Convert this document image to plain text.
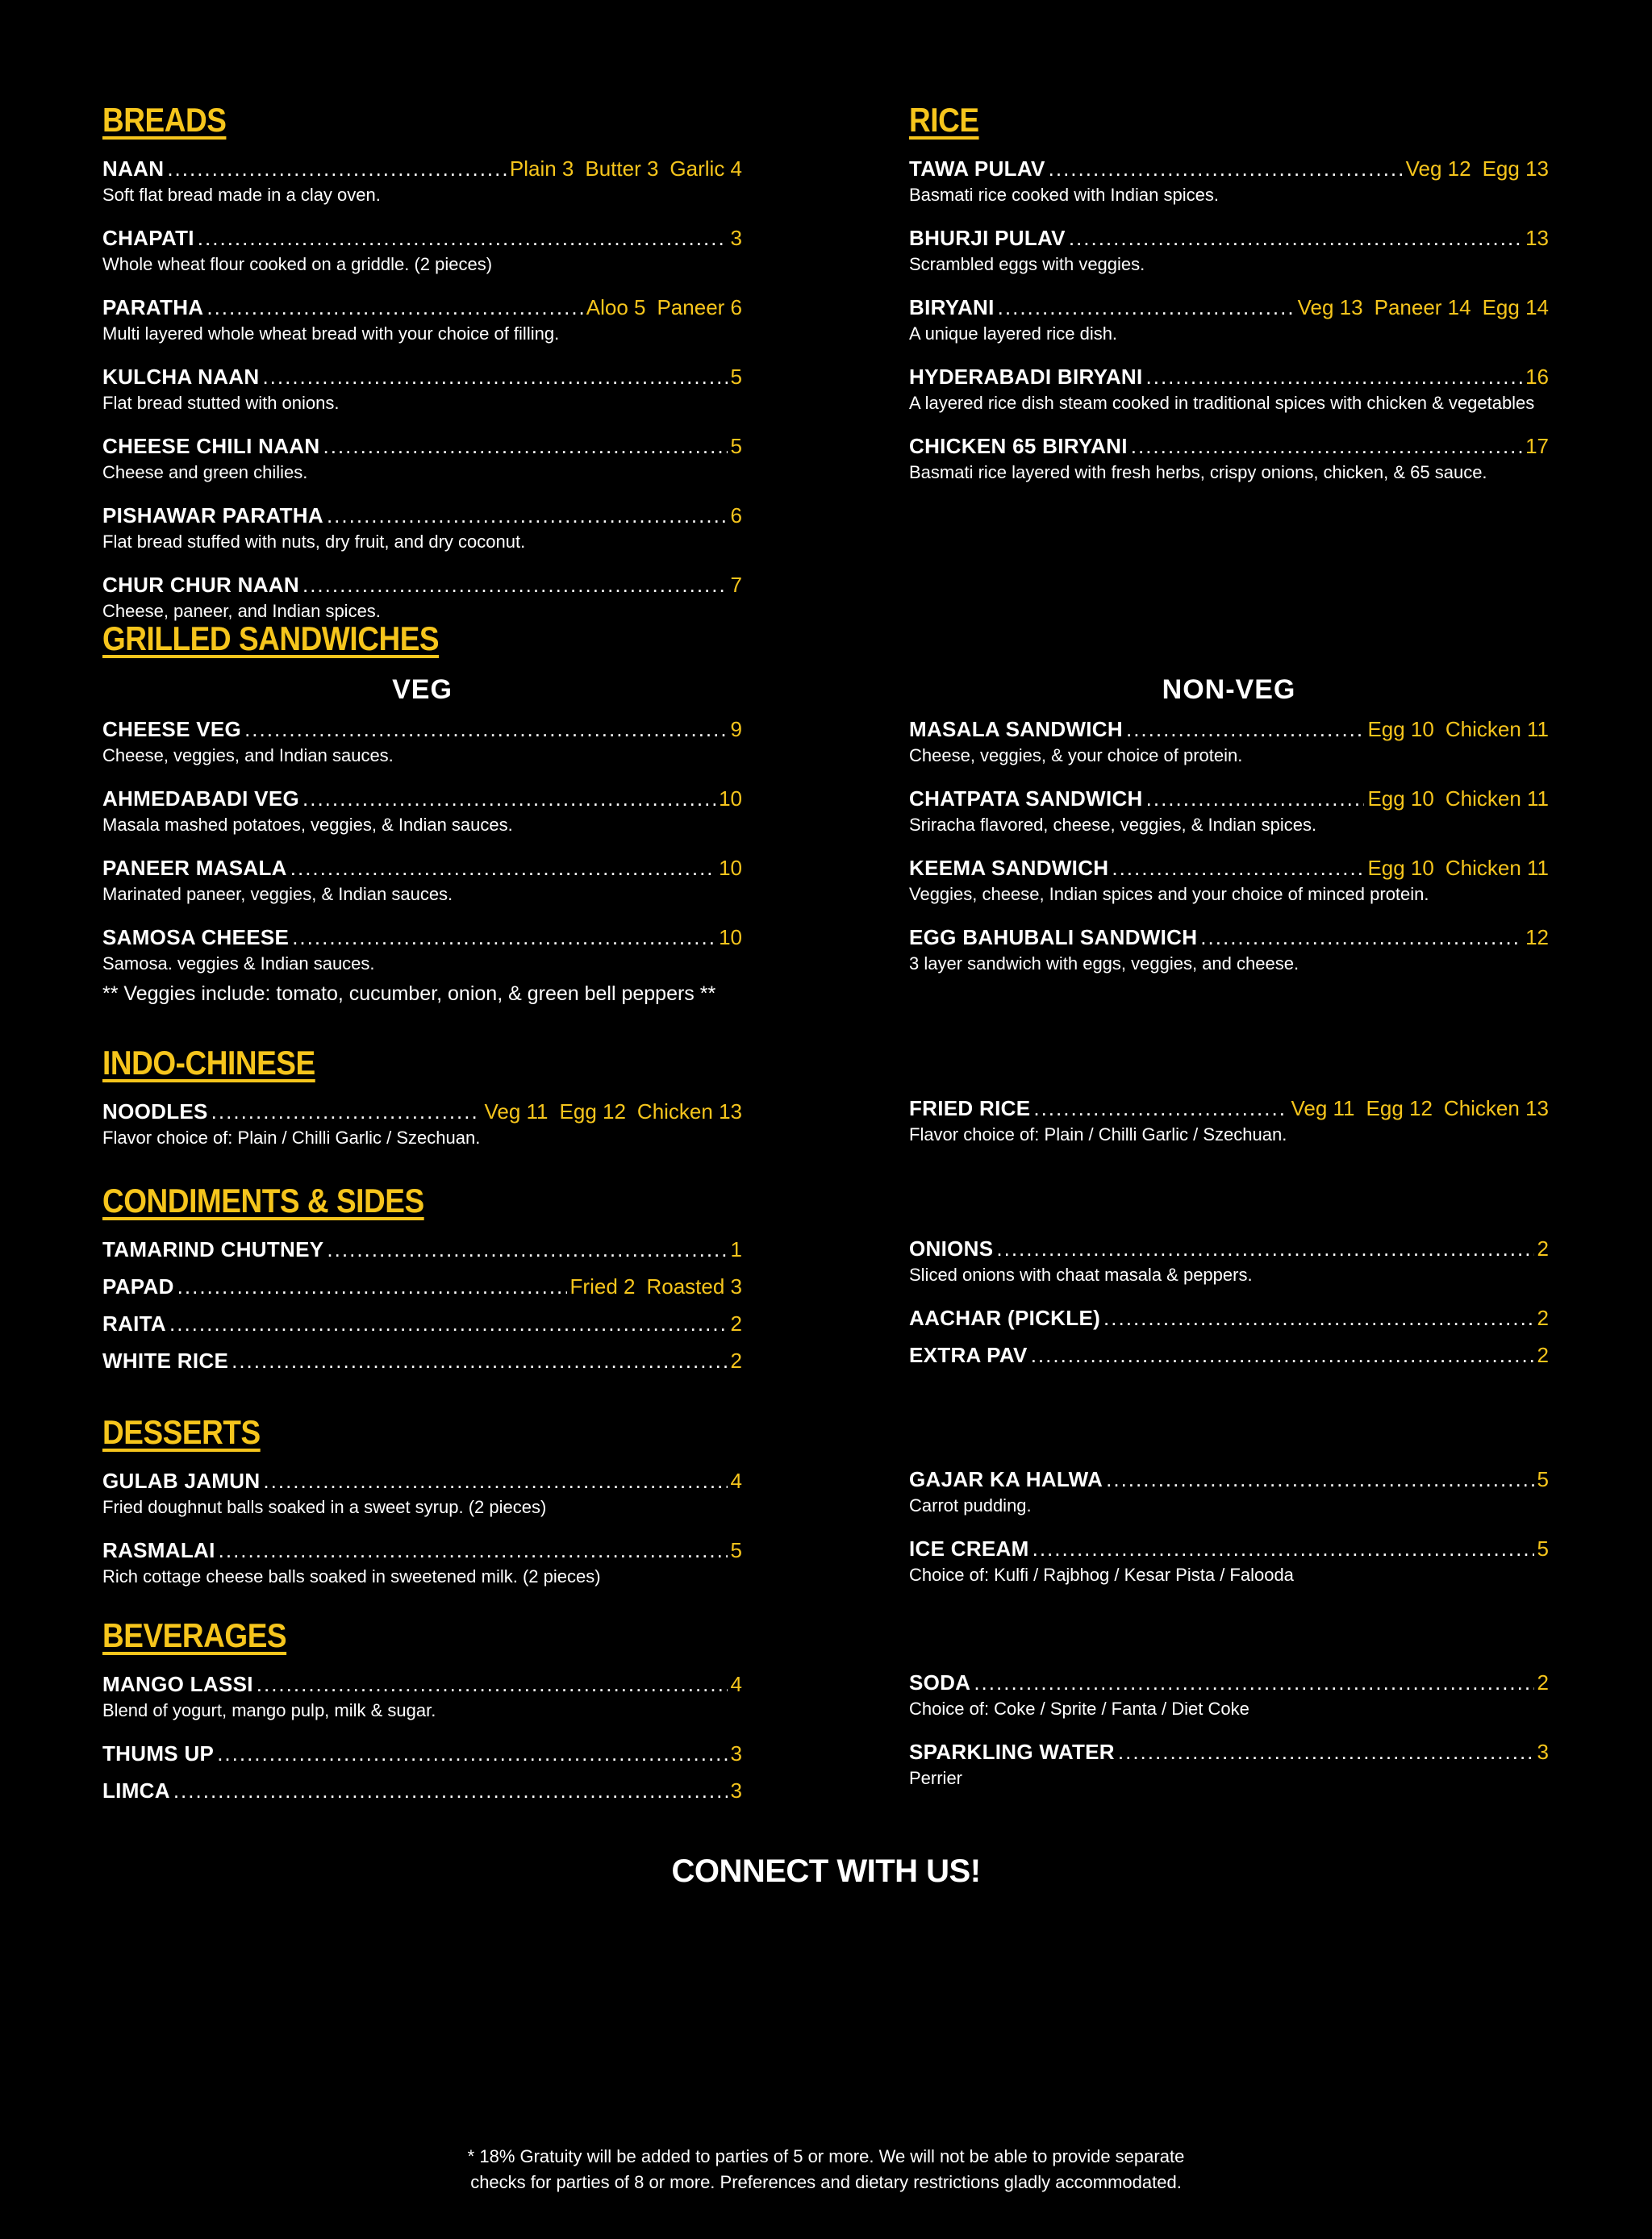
BREADS
NAAN .....	Plain 3 Butter 3 Garlic 4
Soft flat bread made in a clay oven.
CHAPATI .....	3
Whole wheat flour cooked on a griddle. (2 pieces)
PARATHA .....	Aloo 5 Paneer 6
Multi layered whole wheat bread with your choice of filling.
KULCHA NAAN .....	5
Flat bread stutted with onions.
CHEESE CHILI NAAN .....	5
Cheese and green chilies.
PISHAWAR PARATHA .....	6
Flat bread stuffed with nuts, dry fruit, and dry coconut.
CHUR CHUR NAAN .....	7
Cheese, paneer, and Indian spices.
RICE
TAWA PULAV .....	Veg 12 Egg 13
Basmati rice cooked with Indian spices.
BHURJI PULAV .....	13
Scrambled eggs with veggies.
BIRYANI .....	Veg 13 Paneer 14 Egg 14
A unique layered rice dish.
HYDERABADI BIRYANI .....	16
A layered rice dish steam cooked in traditional spices with chicken & vegetables
CHICKEN 65 BIRYANI .....	17
Basmati rice layered with fresh herbs, crispy onions, chicken, & 65 sauce.
GRILLED SANDWICHES
VEG	NON-VEG
CHEESE VEG .....	9
Cheese, veggies, and Indian sauces.
AHMEDABADI VEG .....	10
Masala mashed potatoes, veggies, & Indian sauces.
PANEER MASALA .....	10
Marinated paneer, veggies, & Indian sauces.
SAMOSA CHEESE .....	10
Samosa. veggies & Indian sauces.
MASALA SANDWICH .....	Egg 10 Chicken 11
Cheese, veggies, & your choice of protein.
CHATPATA SANDWICH .....	Egg 10 Chicken 11
Sriracha flavored, cheese, veggies, & Indian spices.
KEEMA SANDWICH .....	Egg 10 Chicken 11
Veggies, cheese, Indian spices and your choice of minced protein.
EGG BAHUBALI SANDWICH .....	12
3 layer sandwich with eggs, veggies, and cheese.
** Veggies include: tomato, cucumber, onion, & green bell peppers **
INDO-CHINESE
NOODLES .....	Veg 11 Egg 12 Chicken 13
Flavor choice of: Plain / Chilli Garlic / Szechuan.
FRIED RICE .....	Veg 11 Egg 12 Chicken 13
Flavor choice of: Plain / Chilli Garlic / Szechuan.
CONDIMENTS & SIDES
TAMARIND CHUTNEY .....	1
PAPAD .....	Fried 2 Roasted 3
RAITA .....	2
WHITE RICE .....	2
ONIONS .....	2
Sliced onions with chaat masala & peppers.
AACHAR (PICKLE) .....	2
EXTRA PAV .....	2
DESSERTS
GULAB JAMUN .....	4
Fried doughnut balls soaked in a sweet syrup. (2 pieces)
RASMALAI .....	5
Rich cottage cheese balls soaked in sweetened milk. (2 pieces)
GAJAR KA HALWA .....	5
Carrot pudding.
ICE CREAM .....	5
Choice of: Kulfi / Rajbhog / Kesar Pista / Falooda
BEVERAGES
MANGO LASSI .....	4
Blend of yogurt, mango pulp, milk & sugar.
THUMS UP .....	3
LIMCA .....	3
SODA .....	2
Choice of: Coke / Sprite / Fanta / Diet Coke
SPARKLING WATER .....	3
Perrier
CONNECT WITH US!
* 18% Gratuity will be added to parties of 5 or more. We will not be able to provide separate
checks for parties of 8 or more. Preferences and dietary restrictions gladly accommodated.
